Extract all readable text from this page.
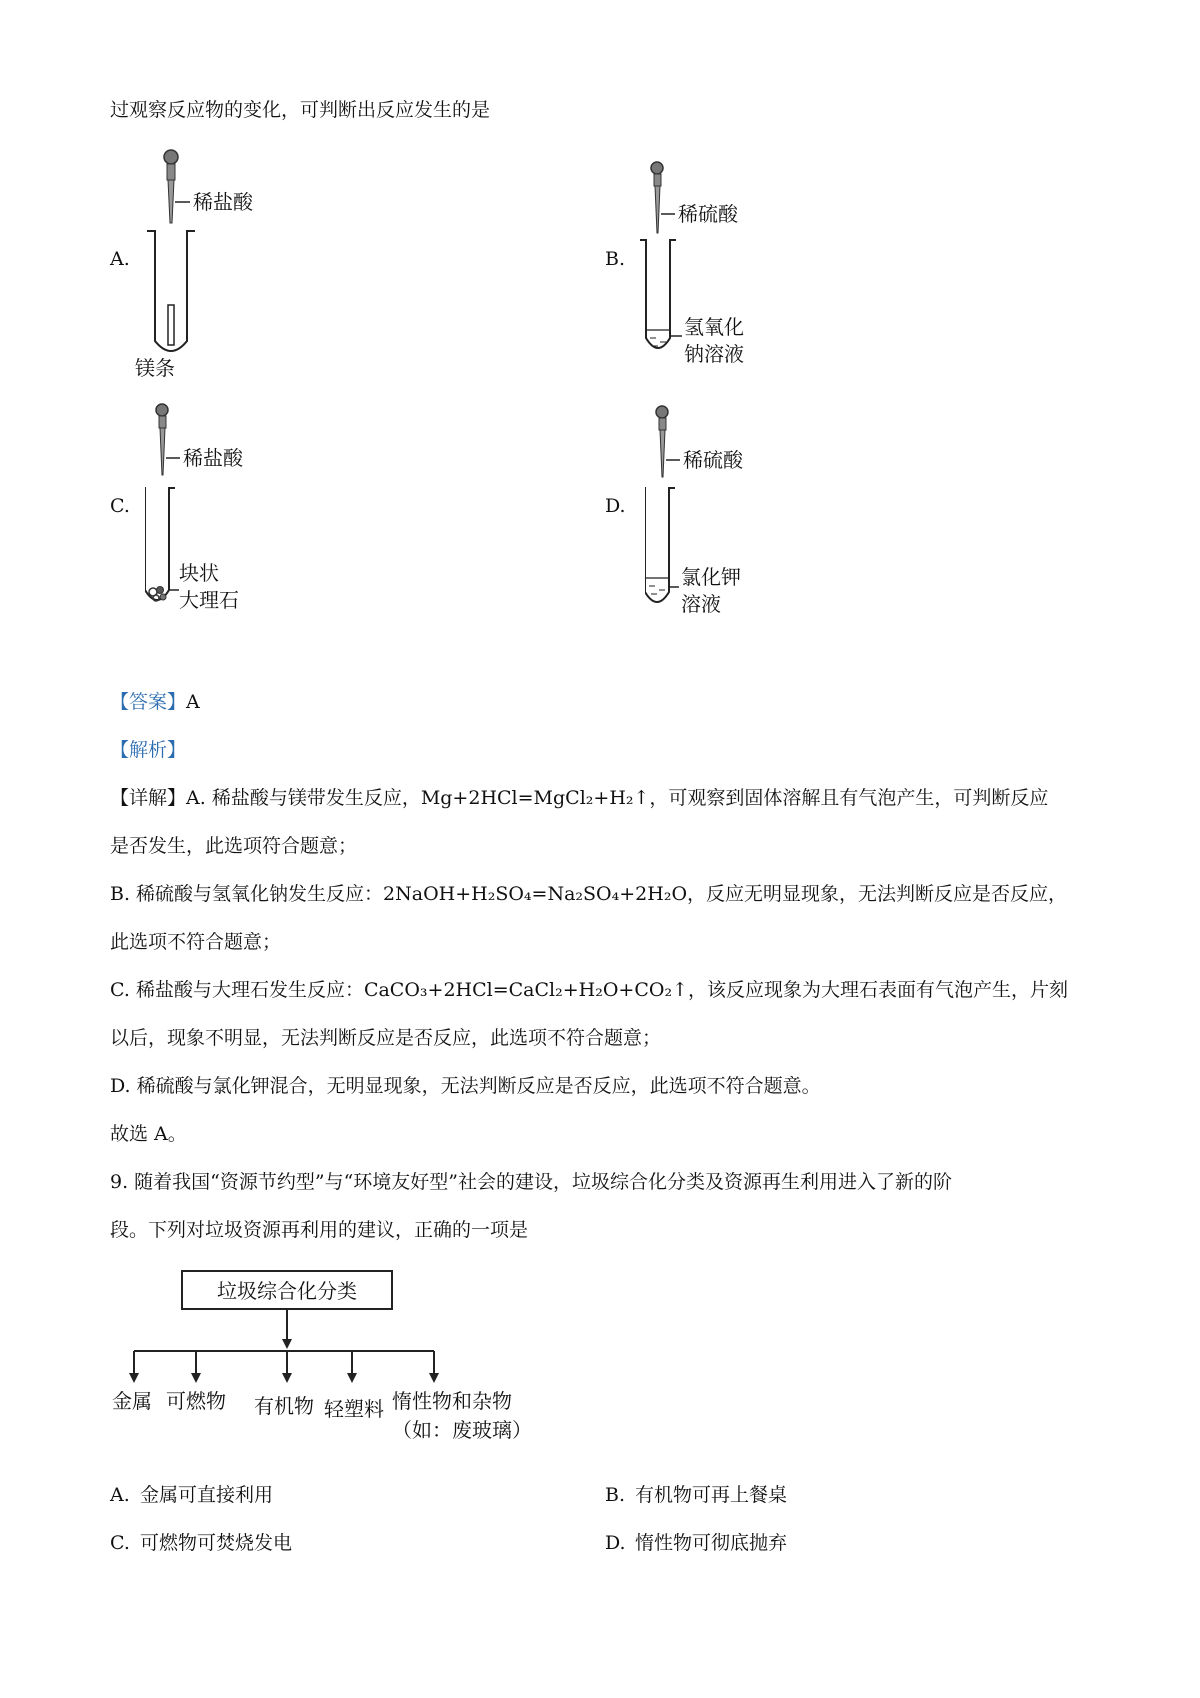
过观察反应物的变化，可判断出反应发生的是
A.
稀盐酸
镁条
B.
稀硫酸
氢氧化
钠溶液
C.
稀盐酸
块状
大理石
D.
稀硫酸
氯化钾
溶液
【答案】A
【解析】
【详解】A. 稀盐酸与镁带发生反应，Mg+2HCl=MgCl₂+H₂↑，可观察到固体溶解且有气泡产生，可判断反应
是否发生，此选项符合题意；
B. 稀硫酸与氢氧化钠发生反应：2NaOH+H₂SO₄=Na₂SO₄+2H₂O，反应无明显现象，无法判断反应是否反应，
此选项不符合题意；
C. 稀盐酸与大理石发生反应：CaCO₃+2HCl=CaCl₂+H₂O+CO₂↑，该反应现象为大理石表面有气泡产生，片刻
以后，现象不明显，无法判断反应是否反应，此选项不符合题意；
D. 稀硫酸与氯化钾混合，无明显现象，无法判断反应是否反应，此选项不符合题意。
故选 A。
9. 随着我国“资源节约型”与“环境友好型”社会的建设，垃圾综合化分类及资源再生利用进入了新的阶
段。下列对垃圾资源再利用的建议，正确的一项是
垃圾综合化分类
金属 可燃物 有机物 轻塑料 惰性物和杂物
（如：废玻璃）
A. 金属可直接利用	B. 有机物可再上餐桌
C. 可燃物可焚烧发电	D. 惰性物可彻底抛弃
